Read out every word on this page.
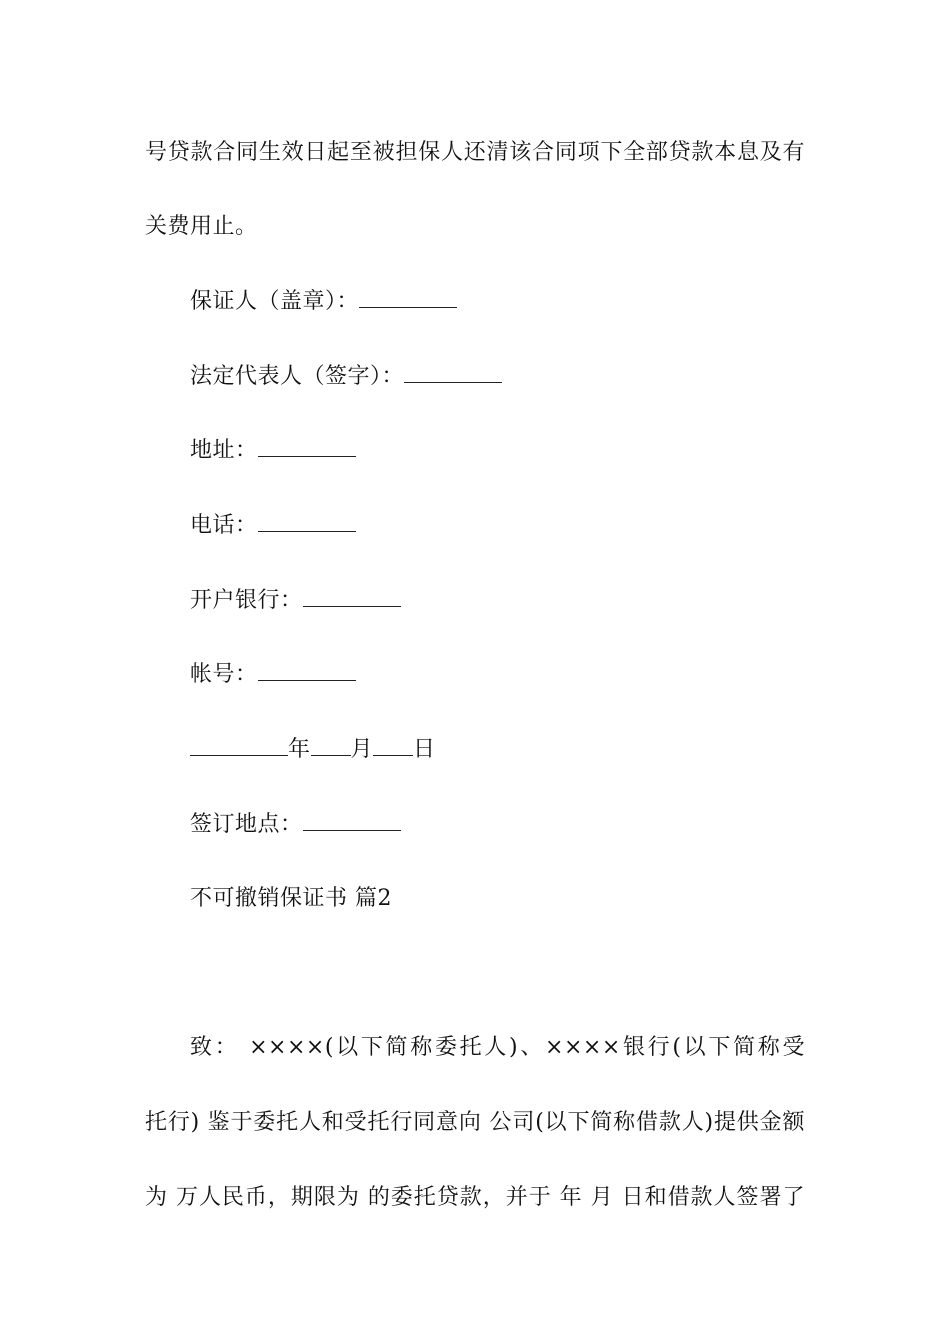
号贷款合同生效日起至被担保人还清该合同项下全部贷款本息及有
关费用止。
保证人（盖章）：
法定代表人（签字）：
地址：
电话：
开户银行：
帐号：
年 月 日
签订地点：
不可撤销保证书 篇2
致： ××××(以下简称委托人)、××××银行(以下简称受
托行) 鉴于委托人和受托行同意向 公司(以下简称借款人)提供金额
为 万人民币，期限为 的委托贷款，并于 年 月 日和借款人签署了
